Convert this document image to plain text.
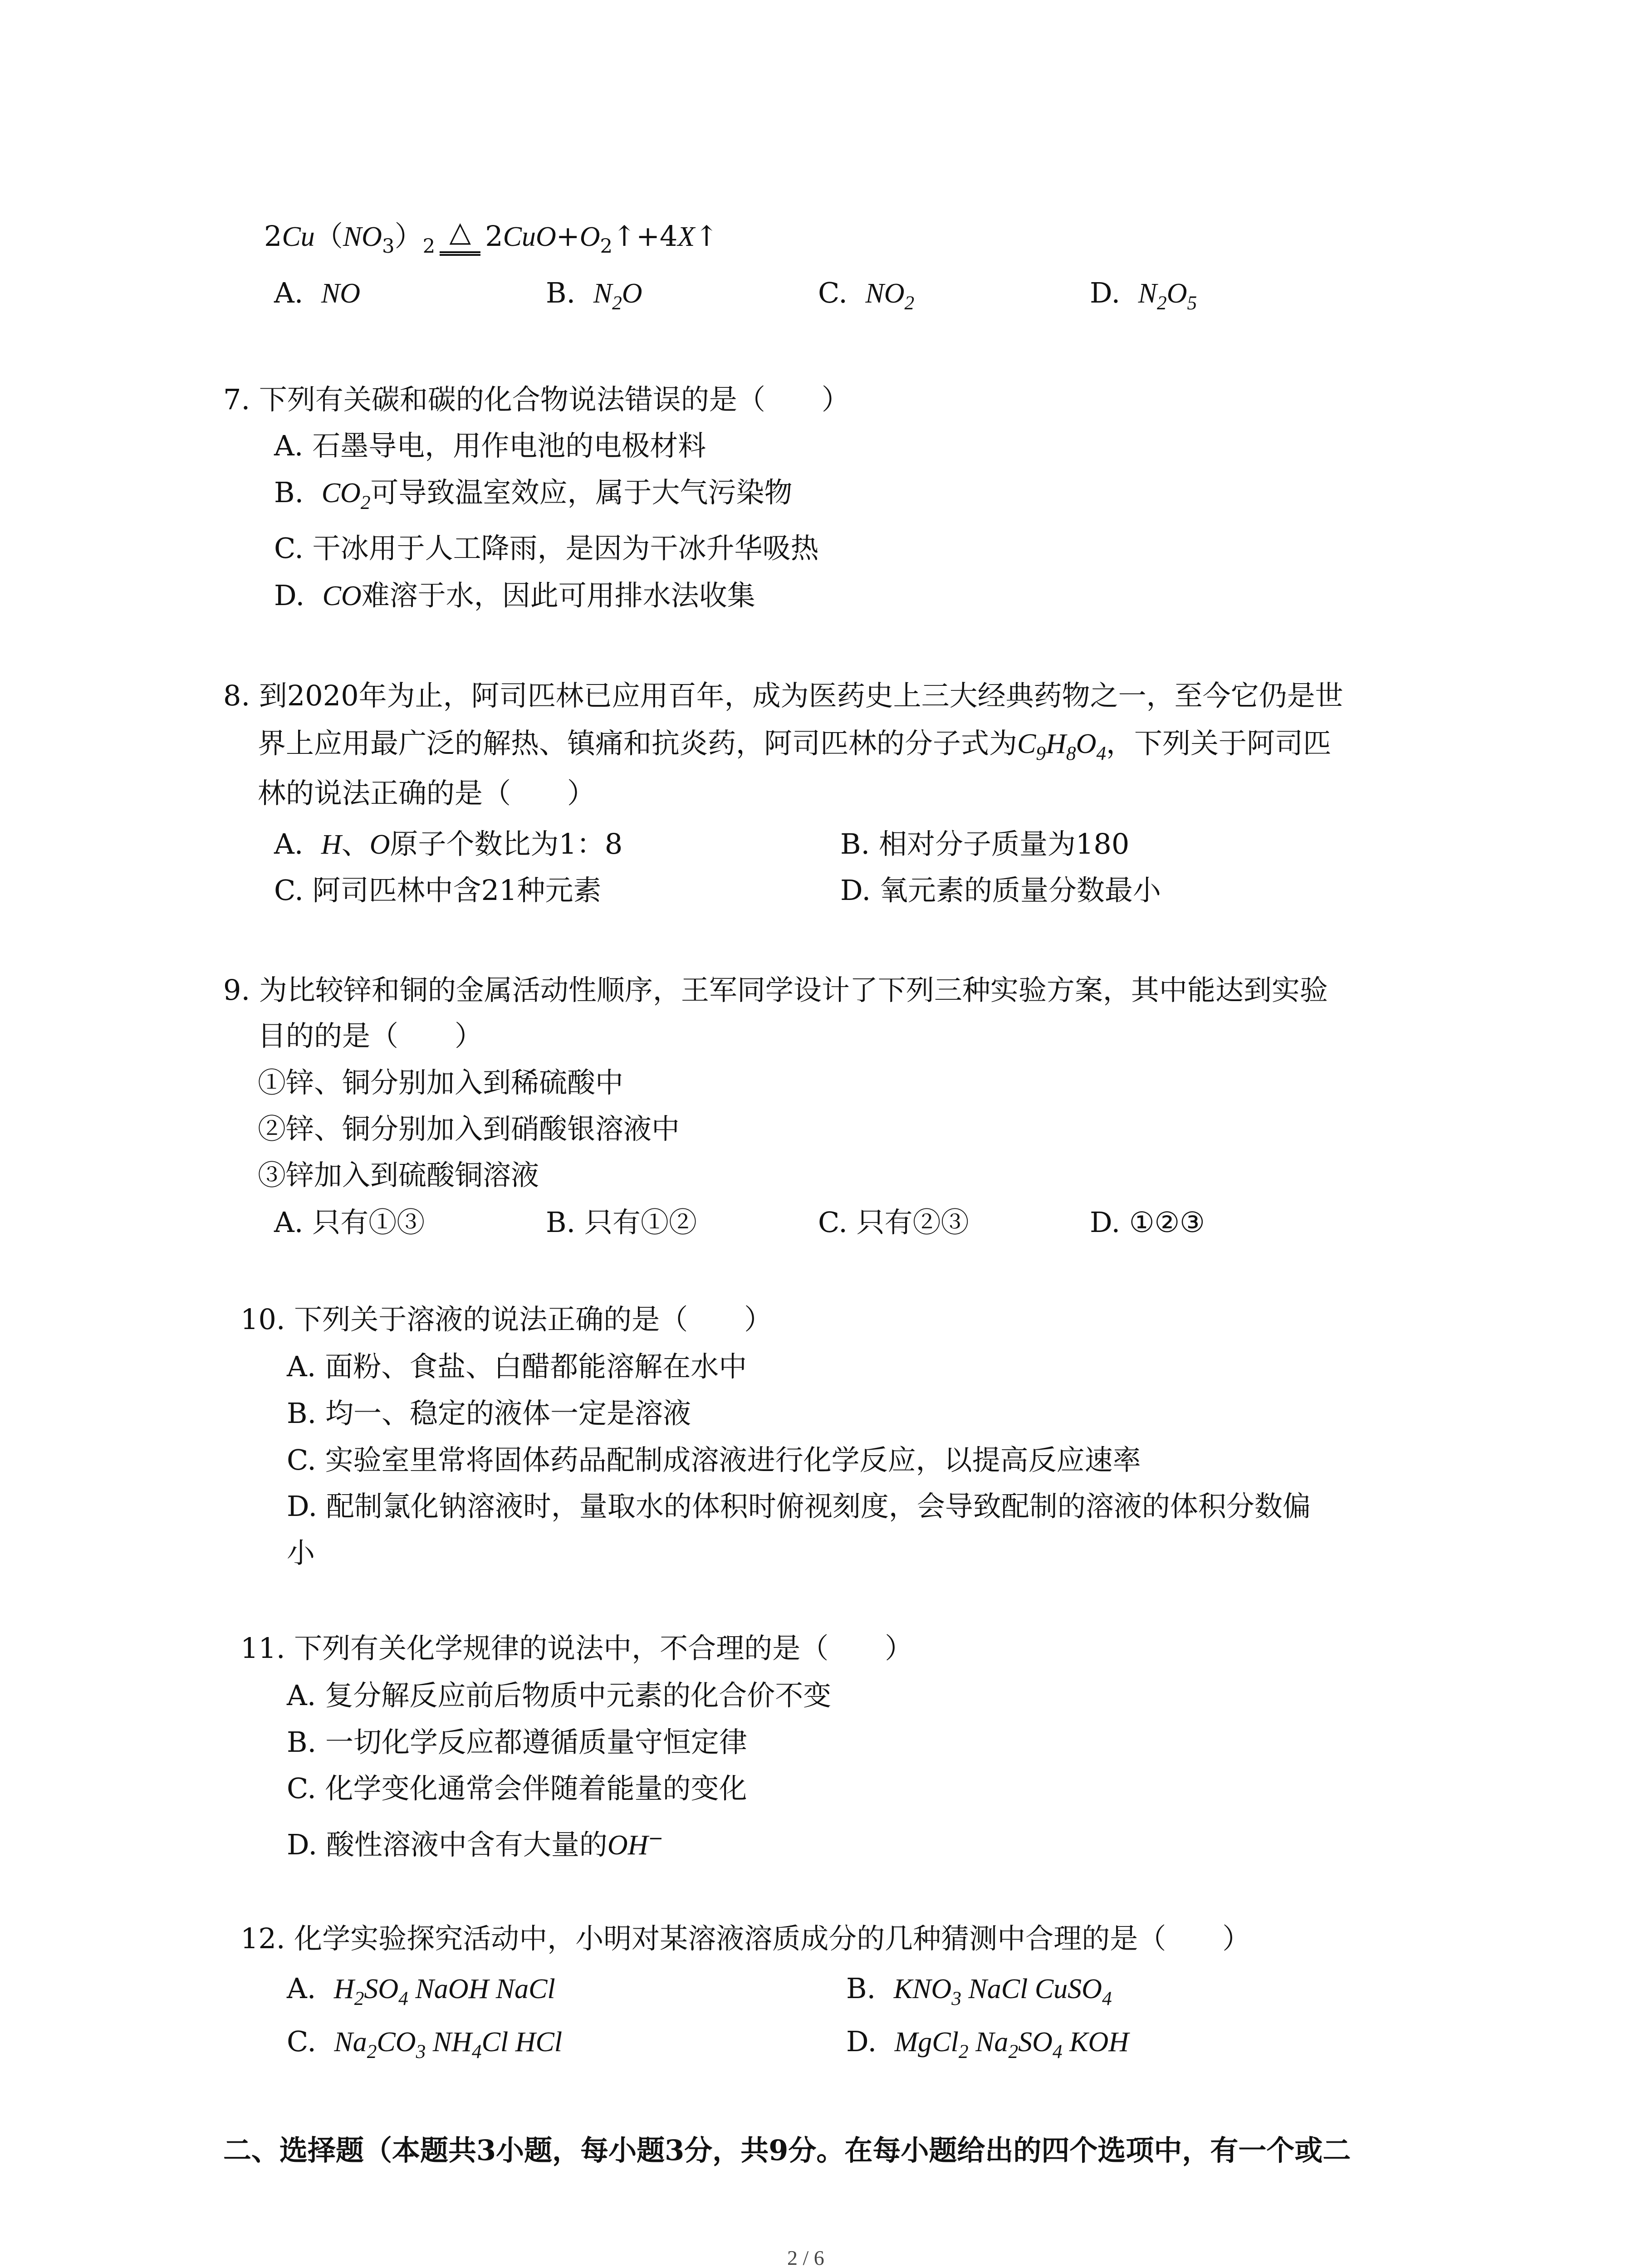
$2Cu(NO_3)_2$ △ $2CuO+O_2↑+4X↑$
A. NO	B. $N_2O$	C. $NO_2$	D. $N_2O_5$
7. 下列有关碳和碳的化合物说法错误的是（　　）
A. 石墨导电，用作电池的电极材料
B. $CO_2$可导致温室效应，属于大气污染物
C. 干冰用于人工降雨，是因为干冰升华吸热
D. CO难溶于水，因此可用排水法收集
8. 到2020年为止，阿司匹林已应用百年，成为医药史上三大经典药物之一，至今它仍是世
界上应用最广泛的解热、镇痛和抗炎药，阿司匹林的分子式为$C_9H_8O_4$，下列关于阿司匹
林的说法正确的是（　　）
A. H、O原子个数比为1：8	B. 相对分子质量为180
C. 阿司匹林中含21种元素	D. 氧元素的质量分数最小
9. 为比较锌和铜的金属活动性顺序，王军同学设计了下列三种实验方案，其中能达到实验
目的的是（　　）
①锌、铜分别加入到稀硫酸中
②锌、铜分别加入到硝酸银溶液中
③锌加入到硫酸铜溶液
A. 只有①③	B. 只有①②	C. 只有②③	D. ①②③
10. 下列关于溶液的说法正确的是（　　）
A. 面粉、食盐、白醋都能溶解在水中
B. 均一、稳定的液体一定是溶液
C. 实验室里常将固体药品配制成溶液进行化学反应，以提高反应速率
D. 配制氯化钠溶液时，量取水的体积时俯视刻度，会导致配制的溶液的体积分数偏
小
11. 下列有关化学规律的说法中，不合理的是（　　）
A. 复分解反应前后物质中元素的化合价不变
B. 一切化学反应都遵循质量守恒定律
C. 化学变化通常会伴随着能量的变化
D. 酸性溶液中含有大量的OH−
12. 化学实验探究活动中，小明对某溶液溶质成分的几种猜测中合理的是（　　）
A. $H_2SO_4$ NaOH NaCl	B. $KNO_3$ NaCl CuSO$_4$
C. $Na_2CO_3$ $NH_4Cl$ HCl	D. MgCl$_2$ $Na_2SO_4$ KOH
二、选择题（本题共3小题，每小题3分，共9分。在每小题给出的四个选项中，有一个或二
2 / 6
